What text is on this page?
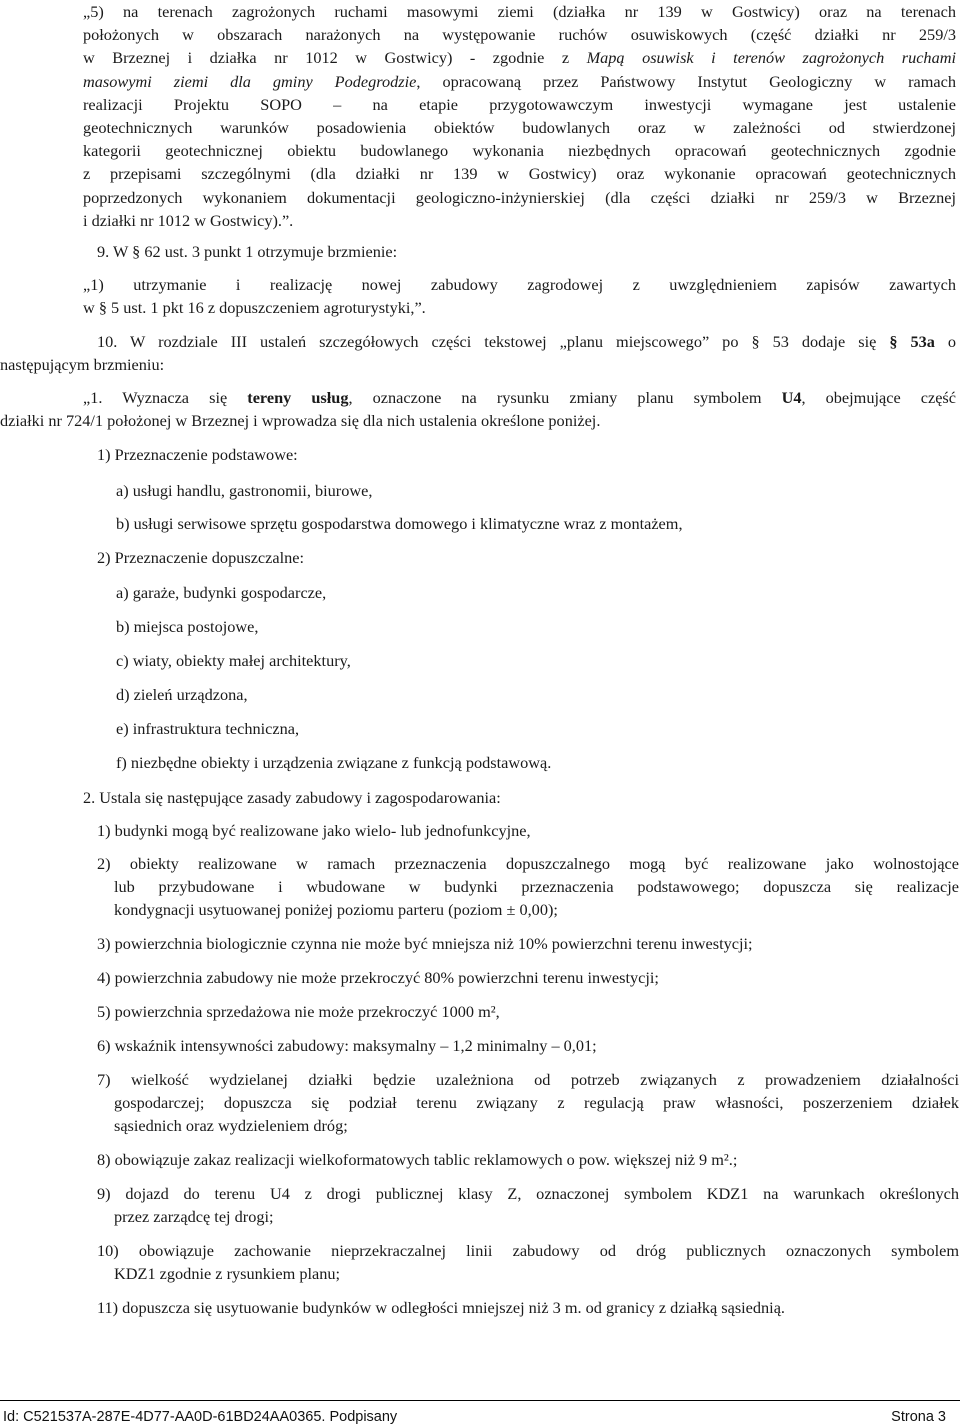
„5) na terenach zagrożonych ruchami masowymi ziemi (działka nr 139 w Gostwicy) oraz na terenach
położonych w obszarach narażonych na występowanie ruchów osuwiskowych (część działki nr 259/3
w Brzeznej i działka nr 1012 w Gostwicy) - zgodnie z Mapą osuwisk i terenów zagrożonych ruchami
masowymi ziemi dla gminy Podegrodzie, opracowaną przez Państwowy Instytut Geologiczny w ramach
realizacji Projektu SOPO – na etapie przygotowawczym inwestycji wymagane jest ustalenie
geotechnicznych warunków posadowienia obiektów budowlanych oraz w zależności od stwierdzonej
kategorii geotechnicznej obiektu budowlanego wykonania niezbędnych opracowań geotechnicznych zgodnie
z przepisami szczególnymi (dla działki nr 139 w Gostwicy) oraz wykonanie opracowań geotechnicznych
poprzedzonych wykonaniem dokumentacji geologiczno-inżynierskiej (dla części działki nr 259/3 w Brzeznej
i działki nr 1012 w Gostwicy).”.
9. W § 62 ust. 3 punkt 1 otrzymuje brzmienie:
„1) utrzymanie i realizację nowej zabudowy zagrodowej z uwzględnieniem zapisów zawartych
w § 5 ust. 1 pkt 16 z dopuszczeniem agroturystyki,”.
10. W rozdziale III ustaleń szczegółowych części tekstowej „planu miejscowego” po § 53 dodaje się § 53a o
następującym brzmieniu:
„1. Wyznacza się tereny usług, oznaczone na rysunku zmiany planu symbolem U4, obejmujące część
działki nr 724/1 położonej w Brzeznej i wprowadza się dla nich ustalenia określone poniżej.
1) Przeznaczenie podstawowe:
a) usługi handlu, gastronomii, biurowe,
b) usługi serwisowe sprzętu gospodarstwa domowego i klimatyczne wraz z montażem,
2) Przeznaczenie dopuszczalne:
a) garaże, budynki gospodarcze,
b) miejsca postojowe,
c) wiaty, obiekty małej architektury,
d) zieleń urządzona,
e) infrastruktura techniczna,
f) niezbędne obiekty i urządzenia związane z funkcją podstawową.
2. Ustala się następujące zasady zabudowy i zagospodarowania:
1) budynki mogą być realizowane jako wielo- lub jednofunkcyjne,
2) obiekty realizowane w ramach przeznaczenia dopuszczalnego mogą być realizowane jako wolnostojące
lub przybudowane i wbudowane w budynki przeznaczenia podstawowego; dopuszcza się realizacje
kondygnacji usytuowanej poniżej poziomu parteru (poziom ± 0,00);
3) powierzchnia biologicznie czynna nie może być mniejsza niż 10% powierzchni terenu inwestycji;
4) powierzchnia zabudowy nie może przekroczyć 80% powierzchni terenu inwestycji;
5) powierzchnia sprzedażowa nie może przekroczyć 1000 m²,
6) wskaźnik intensywności zabudowy: maksymalny – 1,2 minimalny – 0,01;
7) wielkość wydzielanej działki będzie uzależniona od potrzeb związanych z prowadzeniem działalności
gospodarczej; dopuszcza się podział terenu związany z regulacją praw własności, poszerzeniem działek
sąsiednich oraz wydzieleniem dróg;
8) obowiązuje zakaz realizacji wielkoformatowych tablic reklamowych o pow. większej niż 9 m².;
9) dojazd do terenu U4 z drogi publicznej klasy Z, oznaczonej symbolem KDZ1 na warunkach określonych
przez zarządcę tej drogi;
10) obowiązuje zachowanie nieprzekraczalnej linii zabudowy od dróg publicznych oznaczonych symbolem
KDZ1 zgodnie z rysunkiem planu;
11) dopuszcza się usytuowanie budynków w odległości mniejszej niż 3 m. od granicy z działką sąsiednią.
Id: C521537A-287E-4D77-AA0D-61BD24AA0365. Podpisany	Strona 3
